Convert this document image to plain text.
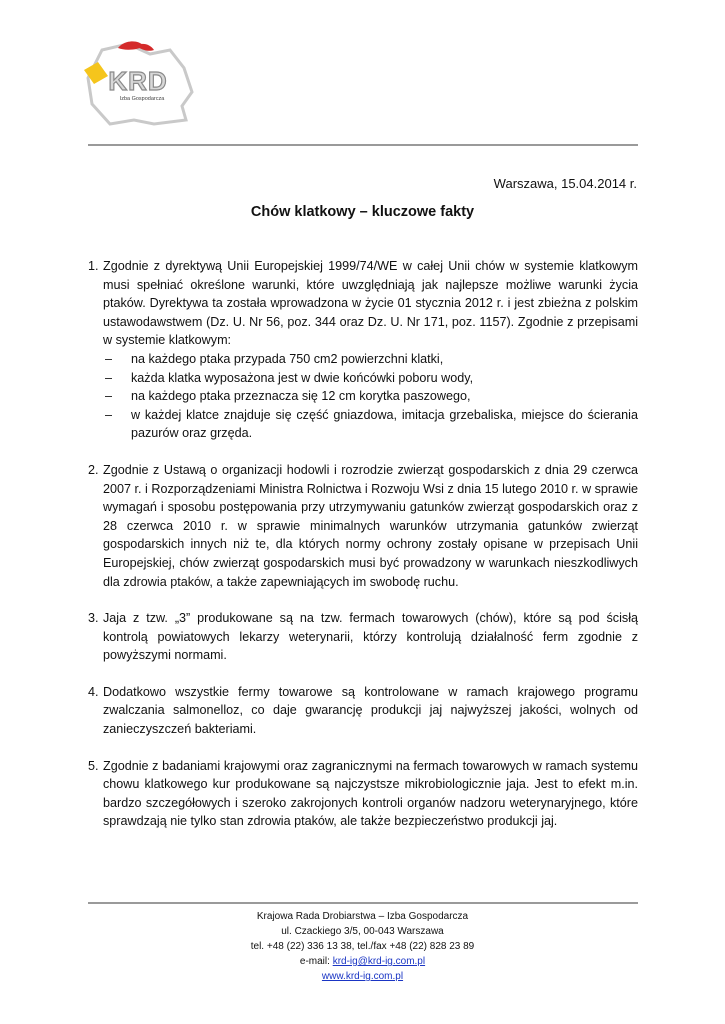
KRD
Izba Gospodarcza
Warszawa, 15.04.2014 r.
Chów klatkowy – kluczowe fakty
1. Zgodnie z dyrektywą Unii Europejskiej 1999/74/WE w całej Unii chów w systemie klatkowym musi spełniać określone warunki, które uwzględniają jak najlepsze możliwe warunki życia ptaków. Dyrektywa ta została wprowadzona w życie 01 stycznia 2012 r. i jest zbieżna z polskim ustawodawstwem (Dz. U. Nr 56, poz. 344 oraz Dz. U. Nr 171, poz. 1157). Zgodnie z przepisami w systemie klatkowym:
– na każdego ptaka przypada 750 cm2 powierzchni klatki,
– każda klatka wyposażona jest w dwie końcówki poboru wody,
– na każdego ptaka przeznacza się 12 cm korytka paszowego,
– w każdej klatce znajduje się część gniazdowa, imitacja grzebaliska, miejsce do ścierania pazurów oraz grzęda.
2. Zgodnie z Ustawą o organizacji hodowli i rozrodzie zwierząt gospodarskich z dnia 29 czerwca 2007 r. i Rozporządzeniami Ministra Rolnictwa i Rozwoju Wsi z dnia 15 lutego 2010 r. w sprawie wymagań i sposobu postępowania przy utrzymywaniu gatunków zwierząt gospodarskich oraz z 28 czerwca 2010 r. w sprawie minimalnych warunków utrzymania gatunków zwierząt gospodarskich innych niż te, dla których normy ochrony zostały opisane w przepisach Unii Europejskiej, chów zwierząt gospodarskich musi być prowadzony w warunkach nieszkodliwych dla zdrowia ptaków, a także zapewniających im swobodę ruchu.
3. Jaja z tzw. „3” produkowane są na tzw. fermach towarowych (chów), które są pod ścisłą kontrolą powiatowych lekarzy weterynarii, którzy kontrolują działalność ferm zgodnie z powyższymi normami.
4. Dodatkowo wszystkie fermy towarowe są kontrolowane w ramach krajowego programu zwalczania salmonelloz, co daje gwarancję produkcji jaj najwyższej jakości, wolnych od zanieczyszczeń bakteriami.
5. Zgodnie z badaniami krajowymi oraz zagranicznymi na fermach towarowych w ramach systemu chowu klatkowego kur produkowane są najczystsze mikrobiologicznie jaja. Jest to efekt m.in. bardzo szczegółowych i szeroko zakrojonych kontroli organów nadzoru weterynaryjnego, które sprawdzają nie tylko stan zdrowia ptaków, ale także bezpieczeństwo produkcji jaj.
Krajowa Rada Drobiarstwa – Izba Gospodarcza
ul. Czackiego 3/5, 00-043 Warszawa
tel. +48 (22) 336 13 38, tel./fax +48 (22) 828 23 89
e-mail: krd-ig@krd-ig.com.pl
www.krd-ig.com.pl
